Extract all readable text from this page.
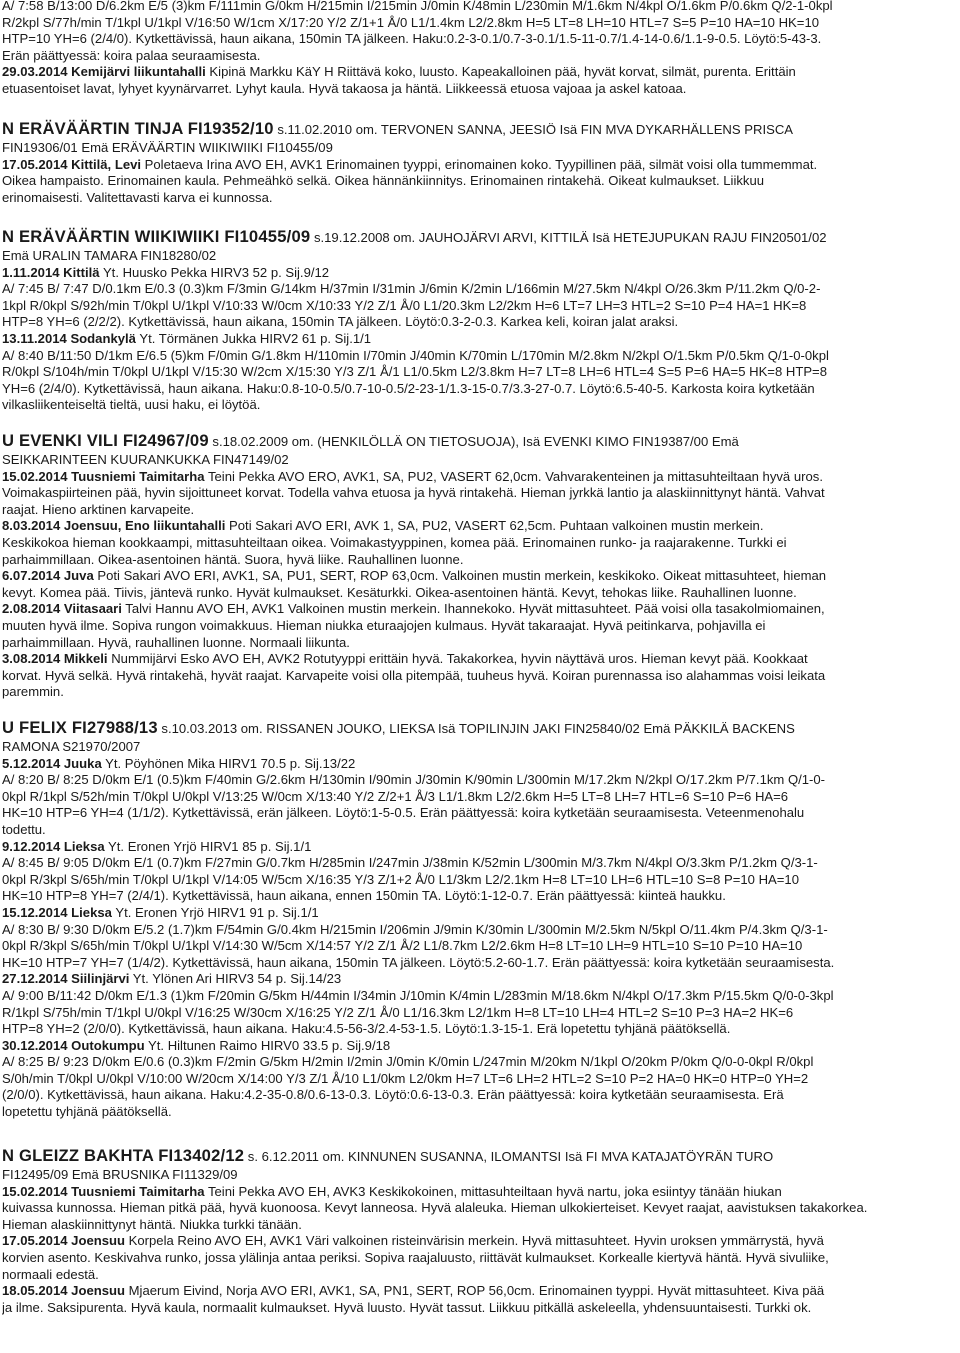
A/ 7:58 B/13:00 D/6.2km E/5 (3)km F/111min G/0km H/215min I/215min J/0min K/48min L/230min M/1.6km N/4kpl O/1.6km P/0.6km Q/2-1-0kpl
R/2kpl S/77h/min T/1kpl U/1kpl V/16:50 W/1cm X/17:20 Y/2 Z/1+1 Å/0 L1/1.4km L2/2.8km H=5 LT=8 LH=10 HTL=7 S=5 P=10 HA=10 HK=10
HTP=10 YH=6 (2/4/0). Kytkettävissä, haun aikana, 150min TA jälkeen. Haku:0.2-3-0.1/0.7-3-0.1/1.5-11-0.7/1.4-14-0.6/1.1-9-0.5. Löytö:5-43-3.
Erän päättyessä: koira palaa seuraamisesta.
29.03.2014 Kemijärvi liikuntahalli Kipinä Markku KäY H Riittävä koko, luusto. Kapeakalloinen pää, hyvät korvat, silmät, purenta. Erittäin
etuasentoiset lavat, lyhyet kyynärvarret. Lyhyt kaula. Hyvä takaosa ja häntä. Liikkeessä etuosa vajoaa ja askel katoaa.
N ERÄVÄÄRTIN TINJA FI19352/10 s.11.02.2010 om. TERVONEN SANNA, JEESIÖ Isä FIN MVA DYKARHÄLLENS PRISCA
FIN19306/01 Emä ERÄVÄÄRTIN WIIKIWIIKI FI10455/09
17.05.2014 Kittilä, Levi Poletaeva Irina AVO EH, AVK1 Erinomainen tyyppi, erinomainen koko. Tyypillinen pää, silmät voisi olla tummemmat.
Oikea hampaisto. Erinomainen kaula. Pehmeähkö selkä. Oikea hännänkiinnitys. Erinomainen rintakehä. Oikeat kulmaukset. Liikkuu
erinomaisesti. Valitettavasti karva ei kunnossa.
N ERÄVÄÄRTIN WIIKIWIIKI FI10455/09 s.19.12.2008 om. JAUHOJÄRVI ARVI, KITTILÄ Isä HETEJUPUKAN RAJU FIN20501/02
Emä URALIN TAMARA FIN18280/02
1.11.2014 Kittilä Yt. Huusko Pekka HIRV3 52 p. Sij.9/12
A/ 7:45 B/ 7:47 D/0.1km E/0.3 (0.3)km F/3min G/14km H/37min I/31min J/6min K/2min L/166min M/27.5km N/4kpl O/26.3km P/11.2km Q/0-2-
1kpl R/0kpl S/92h/min T/0kpl U/1kpl V/10:33 W/0cm X/10:33 Y/2 Z/1 Å/0 L1/20.3km L2/2km H=6 LT=7 LH=3 HTL=2 S=10 P=4 HA=1 HK=8
HTP=8 YH=6 (2/2/2). Kytkettävissä, haun aikana, 150min TA jälkeen. Löytö:0.3-2-0.3. Karkea keli, koiran jalat araksi.
13.11.2014 Sodankylä Yt. Törmänen Jukka HIRV2 61 p. Sij.1/1
A/ 8:40 B/11:50 D/1km E/6.5 (5)km F/0min G/1.8km H/110min I/70min J/40min K/70min L/170min M/2.8km N/2kpl O/1.5km P/0.5km Q/1-0-0kpl
R/0kpl S/104h/min T/0kpl U/1kpl V/15:30 W/2cm X/15:30 Y/3 Z/1 Å/1 L1/0.5km L2/3.8km H=7 LT=8 LH=6 HTL=4 S=5 P=6 HA=5 HK=8 HTP=8
YH=6 (2/4/0). Kytkettävissä, haun aikana. Haku:0.8-10-0.5/0.7-10-0.5/2-23-1/1.3-15-0.7/3.3-27-0.7. Löytö:6.5-40-5. Karkosta koira kytketään
vilkasliikenteiseltä tieltä, uusi haku, ei löytöä.
U EVENKI VILI FI24967/09 s.18.02.2009 om. (HENKILÖLLÄ ON TIETOSUOJA), Isä EVENKI KIMO FIN19387/00 Emä
SEIKKARINTEEN KUURANKUKKA FIN47149/02
15.02.2014 Tuusniemi Taimitarha Teini Pekka AVO ERO, AVK1, SA, PU2, VASERT 62,0cm. Vahvarakenteinen ja mittasuhteiltaan hyvä uros.
Voimakaspiirteinen pää, hyvin sijoittuneet korvat. Todella vahva etuosa ja hyvä rintakehä. Hieman jyrkkä lantio ja alaskiinnittynyt häntä. Vahvat
raajat. Hieno arktinen karvapeite.
8.03.2014 Joensuu, Eno liikuntahalli Poti Sakari AVO ERI, AVK 1, SA, PU2, VASERT 62,5cm. Puhtaan valkoinen mustin merkein.
Keskikokoa hieman kookkaampi, mittasuhteiltaan oikea. Voimakastyyppinen, komea pää. Erinomainen runko- ja raajarakenne. Turkki ei
parhaimmillaan. Oikea-asentoinen häntä. Suora, hyvä liike. Rauhallinen luonne.
6.07.2014 Juva Poti Sakari AVO ERI, AVK1, SA, PU1, SERT, ROP 63,0cm. Valkoinen mustin merkein, keskikoko. Oikeat mittasuhteet, hieman
kevyt. Komea pää. Tiivis, jäntevä runko. Hyvät kulmaukset. Kesäturkki. Oikea-asentoinen häntä. Kevyt, tehokas liike. Rauhallinen luonne.
2.08.2014 Viitasaari Talvi Hannu AVO EH, AVK1 Valkoinen mustin merkein. Ihannekoko. Hyvät mittasuhteet. Pää voisi olla tasakolmiomainen,
muuten hyvä ilme. Sopiva rungon voimakkuus. Hieman niukka eturaajojen kulmaus. Hyvät takaraajat. Hyvä peitinkarva, pohjavilla ei
parhaimmillaan. Hyvä, rauhallinen luonne. Normaali liikunta.
3.08.2014 Mikkeli Nummijärvi Esko AVO EH, AVK2 Rotutyyppi erittäin hyvä. Takakorkea, hyvin näyttävä uros. Hieman kevyt pää. Kookkaat
korvat. Hyvä selkä. Hyvä rintakehä, hyvät raajat. Karvapeite voisi olla pitempää, tuuheus hyvä. Koiran purennassa iso alahammas voisi leikata
paremmin.
U FELIX FI27988/13 s.10.03.2013 om. RISSANEN JOUKO, LIEKSA Isä TOPILINJIN JAKI FIN25840/02 Emä PÄKKILÄ BACKENS
RAMONA S21970/2007
5.12.2014 Juuka Yt. Pöyhönen Mika HIRV1 70.5 p. Sij.13/22
A/ 8:20 B/ 8:25 D/0km E/1 (0.5)km F/40min G/2.6km H/130min I/90min J/30min K/90min L/300min M/17.2km N/2kpl O/17.2km P/7.1km Q/1-0-
0kpl R/1kpl S/52h/min T/0kpl U/0kpl V/13:25 W/0cm X/13:40 Y/2 Z/2+1 Å/3 L1/1.8km L2/2.6km H=5 LT=8 LH=7 HTL=6 S=10 P=6 HA=6
HK=10 HTP=6 YH=4 (1/1/2). Kytkettävissä, erän jälkeen. Löytö:1-5-0.5. Erän päättyessä: koira kytketään seuraamisesta. Veteenmenohalu
todettu.
9.12.2014 Lieksa Yt. Eronen Yrjö HIRV1 85 p. Sij.1/1
A/ 8:45 B/ 9:05 D/0km E/1 (0.7)km F/27min G/0.7km H/285min I/247min J/38min K/52min L/300min M/3.7km N/4kpl O/3.3km P/1.2km Q/3-1-
0kpl R/3kpl S/65h/min T/0kpl U/1kpl V/14:05 W/5cm X/16:35 Y/3 Z/1+2 Å/0 L1/3km L2/2.1km H=8 LT=10 LH=6 HTL=10 S=8 P=10 HA=10
HK=10 HTP=8 YH=7 (2/4/1). Kytkettävissä, haun aikana, ennen 150min TA. Löytö:1-12-0.7. Erän päättyessä: kiinteä haukku.
15.12.2014 Lieksa Yt. Eronen Yrjö HIRV1 91 p. Sij.1/1
A/ 8:30 B/ 9:30 D/0km E/5.2 (1.7)km F/54min G/0.4km H/215min I/206min J/9min K/30min L/300min M/2.5km N/5kpl O/11.4km P/4.3km Q/3-1-
0kpl R/3kpl S/65h/min T/0kpl U/1kpl V/14:30 W/5cm X/14:57 Y/2 Z/1 Å/2 L1/8.7km L2/2.6km H=8 LT=10 LH=9 HTL=10 S=10 P=10 HA=10
HK=10 HTP=7 YH=7 (1/4/2). Kytkettävissä, haun aikana, 150min TA jälkeen. Löytö:5.2-60-1.7. Erän päättyessä: koira kytketään seuraamisesta.
27.12.2014 Siilinjärvi Yt. Ylönen Ari HIRV3 54 p. Sij.14/23
A/ 9:00 B/11:42 D/0km E/1.3 (1)km F/20min G/5km H/44min I/34min J/10min K/4min L/283min M/18.6km N/4kpl O/17.3km P/15.5km Q/0-0-3kpl
R/1kpl S/75h/min T/1kpl U/0kpl V/16:25 W/30cm X/16:25 Y/2 Z/1 Å/0 L1/16.3km L2/1km H=8 LT=10 LH=4 HTL=2 S=10 P=3 HA=2 HK=6
HTP=8 YH=2 (2/0/0). Kytkettävissä, haun aikana. Haku:4.5-56-3/2.4-53-1.5. Löytö:1.3-15-1. Erä lopetettu tyhjänä päätöksellä.
30.12.2014 Outokumpu Yt. Hiltunen Raimo HIRV0 33.5 p. Sij.9/18
A/ 8:25 B/ 9:23 D/0km E/0.6 (0.3)km F/2min G/5km H/2min I/2min J/0min K/0min L/247min M/20km N/1kpl O/20km P/0km Q/0-0-0kpl R/0kpl
S/0h/min T/0kpl U/0kpl V/10:00 W/20cm X/14:00 Y/3 Z/1 Å/10 L1/0km L2/0km H=7 LT=6 LH=2 HTL=2 S=10 P=2 HA=0 HK=0 HTP=0 YH=2
(2/0/0). Kytkettävissä, haun aikana. Haku:4.2-35-0.8/0.6-13-0.3. Löytö:0.6-13-0.3. Erän päättyessä: koira kytketään seuraamisesta. Erä
lopetettu tyhjänä päätöksellä.
N GLEIZZ BAKHTA FI13402/12 s. 6.12.2011 om. KINNUNEN SUSANNA, ILOMANTSI Isä FI MVA KATAJATÖYRÄN TURO
FI12495/09 Emä BRUSNIKA FI11329/09
15.02.2014 Tuusniemi Taimitarha Teini Pekka AVO EH, AVK3 Keskikokoinen, mittasuhteiltaan hyvä nartu, joka esiintyy tänään hiukan
kuivassa kunnossa. Hieman pitkä pää, hyvä kuonoosa. Kevyt lanneosa. Hyvä alaleuka. Hieman ulkokierteiset. Kevyet raajat, aavistuksen takakorkea.
Hieman alaskiinnittynyt häntä. Niukka turkki tänään.
17.05.2014 Joensuu Korpela Reino AVO EH, AVK1 Väri valkoinen risteinvärisin merkein. Hyvä mittasuhteet. Hyvin uroksen ymmärrystä, hyvä
korvien asento. Keskivahva runko, jossa ylälinja antaa periksi. Sopiva raajaluusto, riittävät kulmaukset. Korkealle kiertyvä häntä. Hyvä sivuliike,
normaali edestä.
18.05.2014 Joensuu Mjaerum Eivind, Norja AVO ERI, AVK1, SA, PN1, SERT, ROP 56,0cm. Erinomainen tyyppi. Hyvät mittasuhteet. Kiva pää
ja ilme. Saksipurenta. Hyvä kaula, normaalit kulmaukset. Hyvä luusto. Hyvät tassut. Liikkuu pitkällä askeleella, yhdensuuntaisesti. Turkki ok.
